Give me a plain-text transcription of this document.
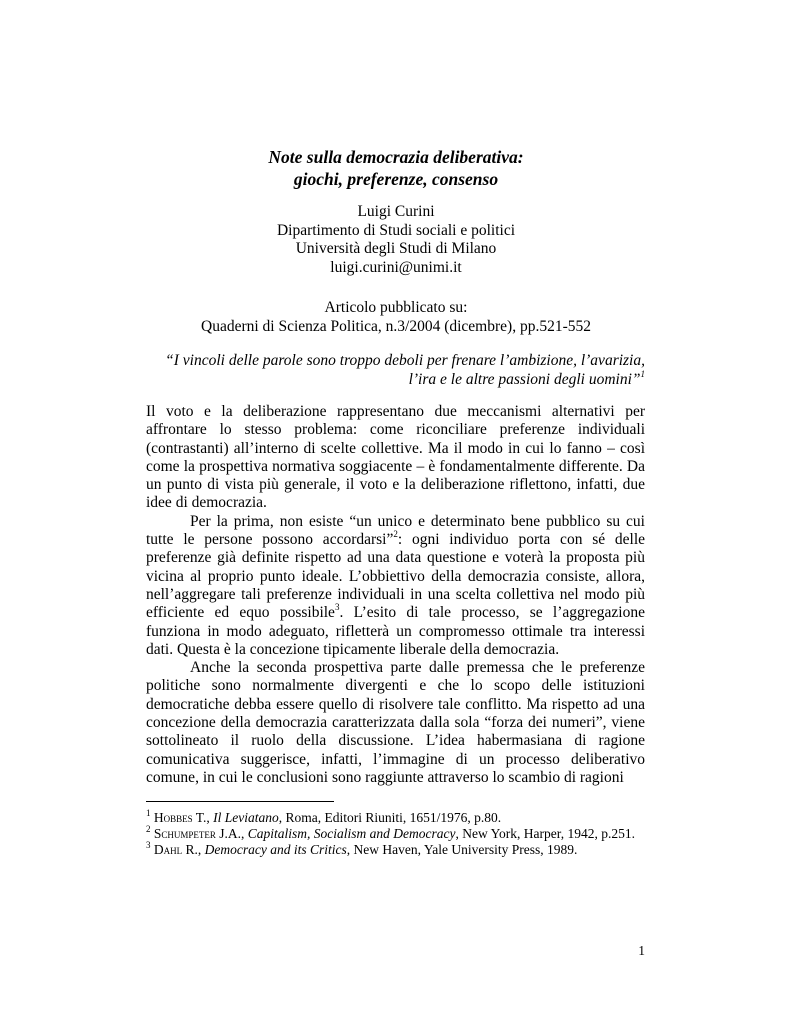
Note sulla democrazia deliberativa:
giochi, preferenze, consenso
Luigi Curini
Dipartimento di Studi sociali e politici
Università degli Studi di Milano
luigi.curini@unimi.it
Articolo pubblicato su:
Quaderni di Scienza Politica, n.3/2004 (dicembre), pp.521-552
“I vincoli delle parole sono troppo deboli per frenare l’ambizione, l’avarizia,
l’ira e le altre passioni degli uomini”$^1$

Il voto e la deliberazione rappresentano due meccanismi alternativi per affrontare lo stesso problema: come riconciliare preferenze individuali (contrastanti) all’interno di scelte collettive. Ma il modo in cui lo fanno – così come la prospettiva normativa soggiacente – è fondamentalmente differente. Da un punto di vista più generale, il voto e la deliberazione riflettono, infatti, due idee di democrazia.

Per la prima, non esiste “un unico e determinato bene pubblico su cui tutte le persone possono accordarsi”$^2$: ogni individuo porta con sé delle preferenze già definite rispetto ad una data questione e voterà la proposta più vicina al proprio punto ideale. L’obbiettivo della democrazia consiste, allora, nell’aggregare tali preferenze individuali in una scelta collettiva nel modo più efficiente ed equo possibile$^3$. L’esito di tale processo, se l’aggregazione funziona in modo adeguato, rifletterà un compromesso ottimale tra interessi dati. Questa è la concezione tipicamente liberale della democrazia.

Anche la seconda prospettiva parte dalle premessa che le preferenze politiche sono normalmente divergenti e che lo scopo delle istituzioni democratiche debba essere quello di risolvere tale conflitto. Ma rispetto ad una concezione della democrazia caratterizzata dalla sola “forza dei numeri”, viene sottolineato il ruolo della discussione. L’idea habermasiana di ragione comunicativa suggerisce, infatti, l’immagine di un processo deliberativo comune, in cui le conclusioni sono raggiunte attraverso lo scambio di ragioni

$^1$ Hobbes T., Il Leviatano, Roma, Editori Riuniti, 1651/1976, p.80.

$^2$ Schumpeter J.A., Capitalism, Socialism and Democracy, New York, Harper, 1942, p.251.

$^3$ Dahl R., Democracy and its Critics, New Haven, Yale University Press, 1989.

1
